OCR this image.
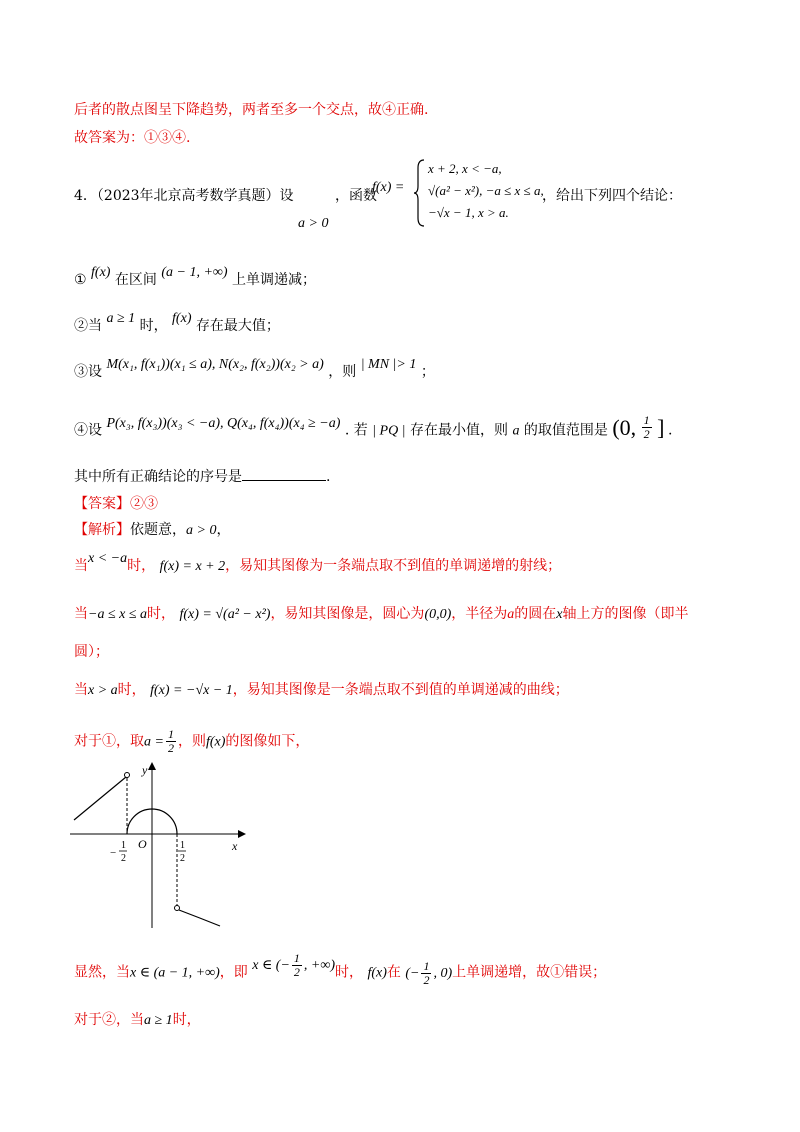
后者的散点图呈下降趋势，两者至多一个交点，故④正确.
故答案为：①③④.
4．（2023年北京高考数学真题）设
a > 0
，函数
f(x) =
x + 2, x < −a,
√(a² − x²), −a ≤ x ≤ a,
−√x − 1, x > a.
，给出下列四个结论：
① f(x) 在区间 (a − 1, +∞) 上单调递减；
②当 a ≥ 1 时， f(x) 存在最大值；
③设 M(x₁, f(x₁))(x₁ ≤ a), N(x₂, f(x₂))(x₂ > a) ，则 | MN |> 1 ；
④设 P(x₃, f(x₃))(x₃ < −a), Q(x₄, f(x₄))(x₄ ≥ −a) . 若 | PQ | 存在最小值，则 a 的取值范围是 (0, $\frac{1}{2}$ ] .
其中所有正确结论的序号是	.
【答案】②③
【解析】依题意，a > 0，
当x < −a时， f(x) = x + 2，易知其图像为一条端点取不到值的单调递增的射线；
当−a ≤ x ≤ a时， f(x) = √(a² − x²)，易知其图像是，圆心为(0,0)，半径为a的圆在x轴上方的图像（即半
圆）；
当x > a时， f(x) = −√x − 1，易知其图像是一条端点取不到值的单调递减的曲线；
对于①，取$a = \frac{1}{2}$ ，则f(x)的图像如下，
y
x
O
−
1
2
1
2
显然，当x ∈ (a − 1, +∞)，即 x ∈ (− $\frac{1}{2}$ , +∞)时， f(x)在 (− $\frac{1}{2}$ , 0)上单调递增，故①错误；
对于②，当a ≥ 1时，
